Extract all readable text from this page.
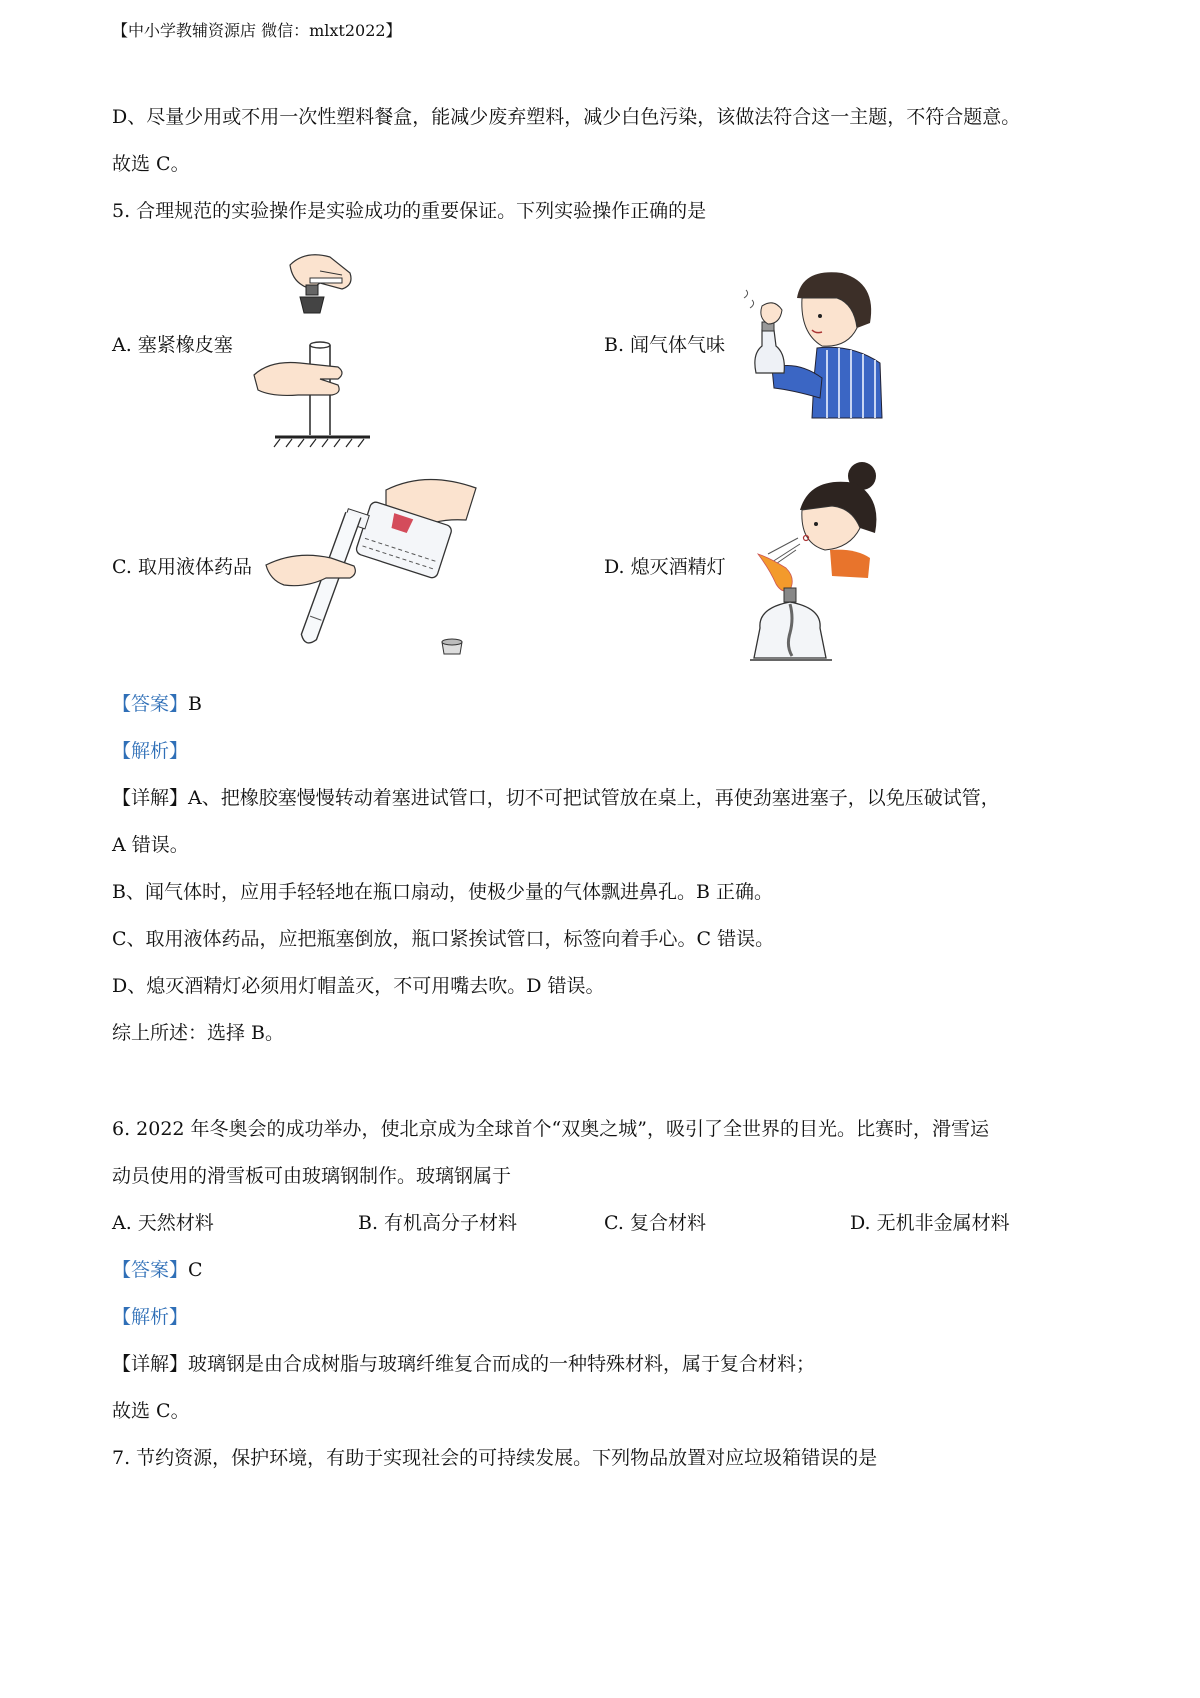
【中小学教辅资源店 微信：mlxt2022】
D、尽量少用或不用一次性塑料餐盒，能减少废弃塑料，减少白色污染，该做法符合这一主题，不符合题意。
故选 C。
5. 合理规范的实验操作是实验成功的重要保证。下列实验操作正确的是
A. 塞紧橡皮塞	B. 闻气体气味
C. 取用液体药品	D. 熄灭酒精灯
【答案】B
【解析】
【详解】A、把橡胶塞慢慢转动着塞进试管口，切不可把试管放在桌上，再使劲塞进塞子，以免压破试管，
A 错误。
B、闻气体时，应用手轻轻地在瓶口扇动，使极少量的气体飘进鼻孔。B 正确。
C、取用液体药品，应把瓶塞倒放，瓶口紧挨试管口，标签向着手心。C 错误。
D、熄灭酒精灯必须用灯帽盖灭，不可用嘴去吹。D 错误。
综上所述：选择 B。
6. 2022 年冬奥会的成功举办，使北京成为全球首个“双奥之城”，吸引了全世界的目光。比赛时，滑雪运
动员使用的滑雪板可由玻璃钢制作。玻璃钢属于
A. 天然材料	B. 有机高分子材料	C. 复合材料	D. 无机非金属材料
【答案】C
【解析】
【详解】玻璃钢是由合成树脂与玻璃纤维复合而成的一种特殊材料，属于复合材料；
故选 C。
7. 节约资源，保护环境，有助于实现社会的可持续发展。下列物品放置对应垃圾箱错误的是
